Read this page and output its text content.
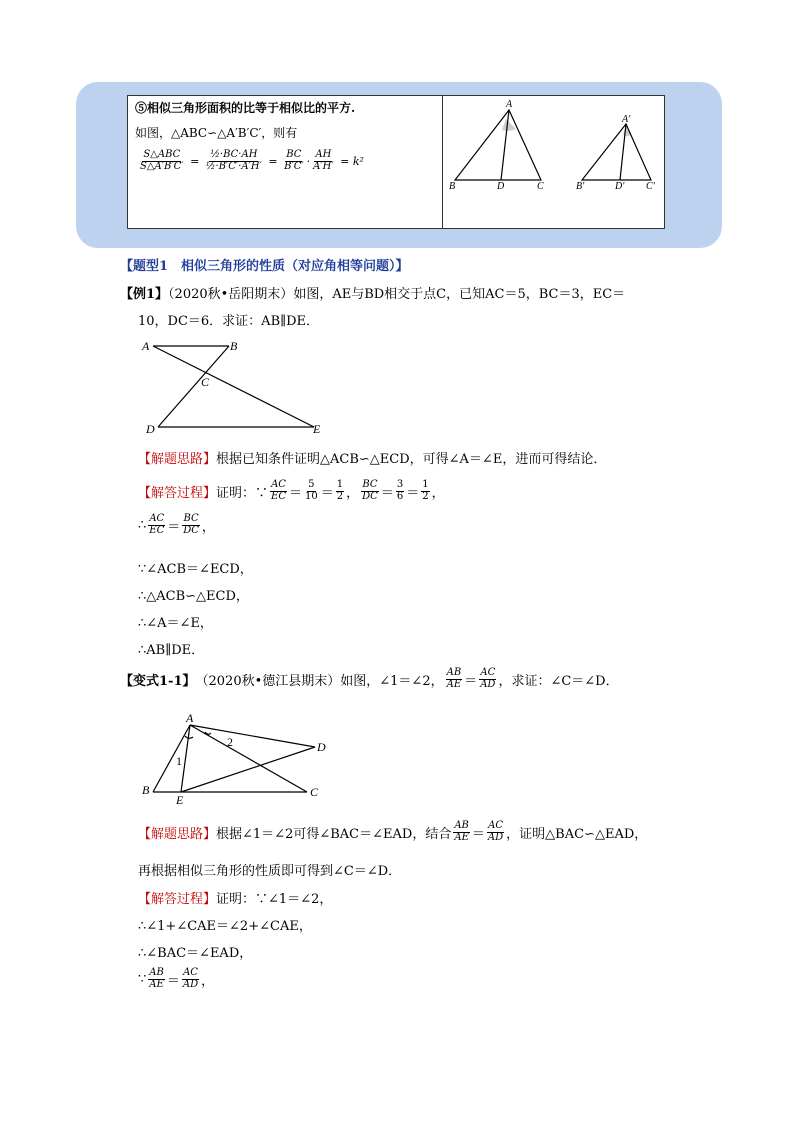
⑤相似三角形面积的比等于相似比的平方.
如图，△ABC∽△A′B′C′，则有
$\frac{\text{S△ABC}}{S\triangle A'B'C'} = \frac{\text{½·BC·AH}}{\text{½·B′C′·A′H′}} = \frac{BC}{B'C'} \cdot \frac{AH}{A'H'} = k^2$
A
B	D	C
A′
B′	D′ C′
【题型1　相似三角形的性质（对应角相等问题）】
【例1】（2020秋•岳阳期末）如图，AE与BD相交于点C，已知AC＝5，BC＝3，EC＝
10，DC＝6．求证：AB∥DE．
A	B
C
D	E
【解题思路】根据已知条件证明△ACB∽△ECD，可得∠A＝∠E，进而可得结论．
【解答过程】 证明：∵ $\frac{AC}{EC} = \frac{5}{10} = \frac{1}{2}$ ， $\frac{BC}{DC} = \frac{3}{6} = \frac{1}{2}$ ，
∴ $\frac{AC}{EC} = \frac{BC}{DC}$ ，
∵∠ACB＝∠ECD，
∴△ACB∽△ECD，
∴∠A＝∠E，
∴AB∥DE．
【变式1-1】 （2020秋•德江县期末） 如图，∠1＝∠2， $\frac{AB}{AE} = \frac{AC}{AD}$ ，求证：∠C＝∠D．
A
2
1
D
B
E
C
【解题思路】 根据∠1＝∠2可得∠BAC＝∠EAD，结合 $\frac{AB}{AE} = \frac{AC}{AD}$ ，证明△BAC∽△EAD，
再根据相似三角形的性质即可得到∠C＝∠D．
【解答过程】证明：∵∠1＝∠2，
∴∠1+∠CAE＝∠2+∠CAE，
∴∠BAC＝∠EAD，
∵ $\frac{AB}{AE} = \frac{AC}{AD}$ ，
